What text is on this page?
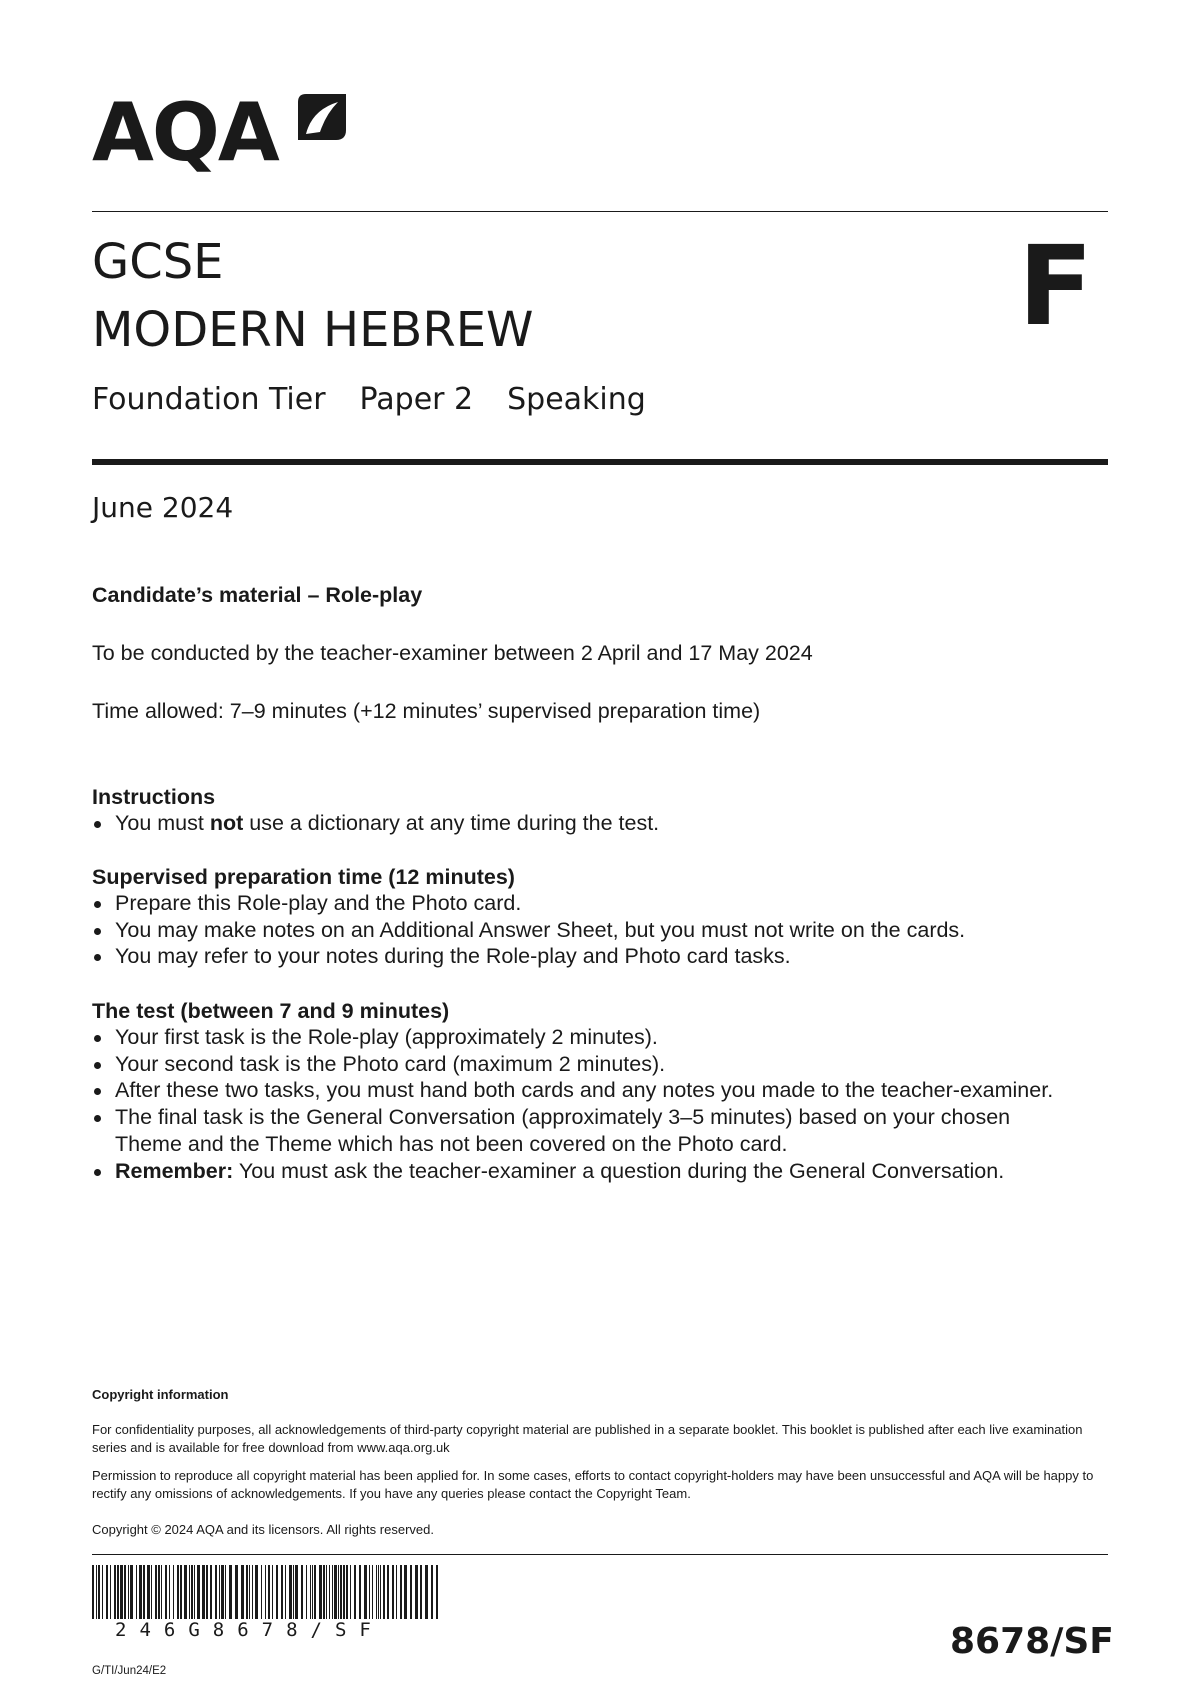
AQA
GCSE
MODERN HEBREW	F
Foundation Tier Paper 2 Speaking
June 2024
Candidate’s material – Role-play
To be conducted by the teacher-examiner between 2 April and 17 May 2024
Time allowed: 7–9 minutes (+12 minutes’ supervised preparation time)
Instructions
You must not use a dictionary at any time during the test.
Supervised preparation time (12 minutes)
Prepare this Role-play and the Photo card.
You may make notes on an Additional Answer Sheet, but you must not write on the cards.
You may refer to your notes during the Role-play and Photo card tasks.
The test (between 7 and 9 minutes)
Your first task is the Role-play (approximately 2 minutes).
Your second task is the Photo card (maximum 2 minutes).
After these two tasks, you must hand both cards and any notes you made to the teacher-examiner.
The final task is the General Conversation (approximately 3–5 minutes) based on your chosen Theme and the Theme which has not been covered on the Photo card.
Remember: You must ask the teacher-examiner a question during the General Conversation.
Copyright information
For confidentiality purposes, all acknowledgements of third-party copyright material are published in a separate booklet. This booklet is published after each live examination series and is available for free download from www.aqa.org.uk
Permission to reproduce all copyright material has been applied for. In some cases, efforts to contact copyright-holders may have been unsuccessful and AQA will be happy to rectify any omissions of acknowledgements. If you have any queries please contact the Copyright Team.
Copyright © 2024 AQA and its licensors. All rights reserved.
246G8678/SF
G/TI/Jun24/E2
8678/SF
